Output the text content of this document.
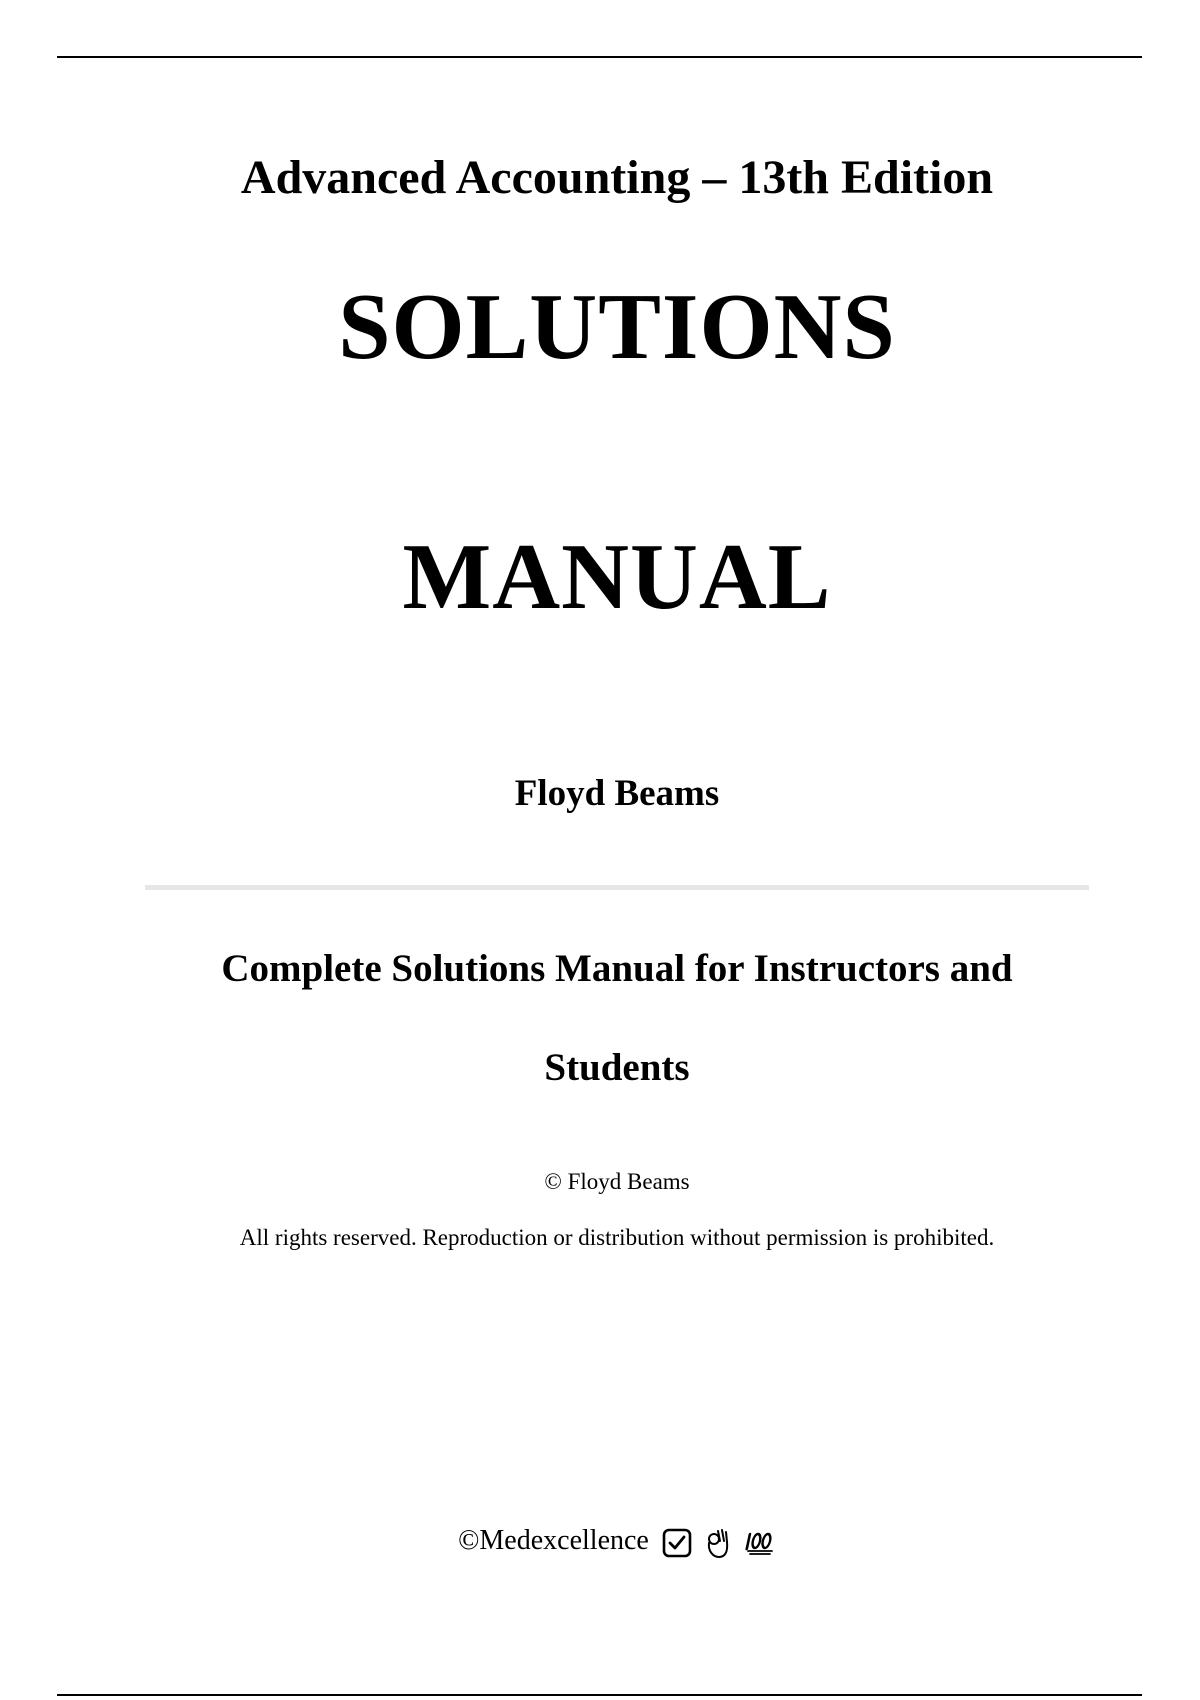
Advanced Accounting – 13th Edition
SOLUTIONS
MANUAL
Floyd Beams
Complete Solutions Manual for Instructors and
Students
© Floyd Beams
All rights reserved. Reproduction or distribution without permission is prohibited.
©Medexcellence
